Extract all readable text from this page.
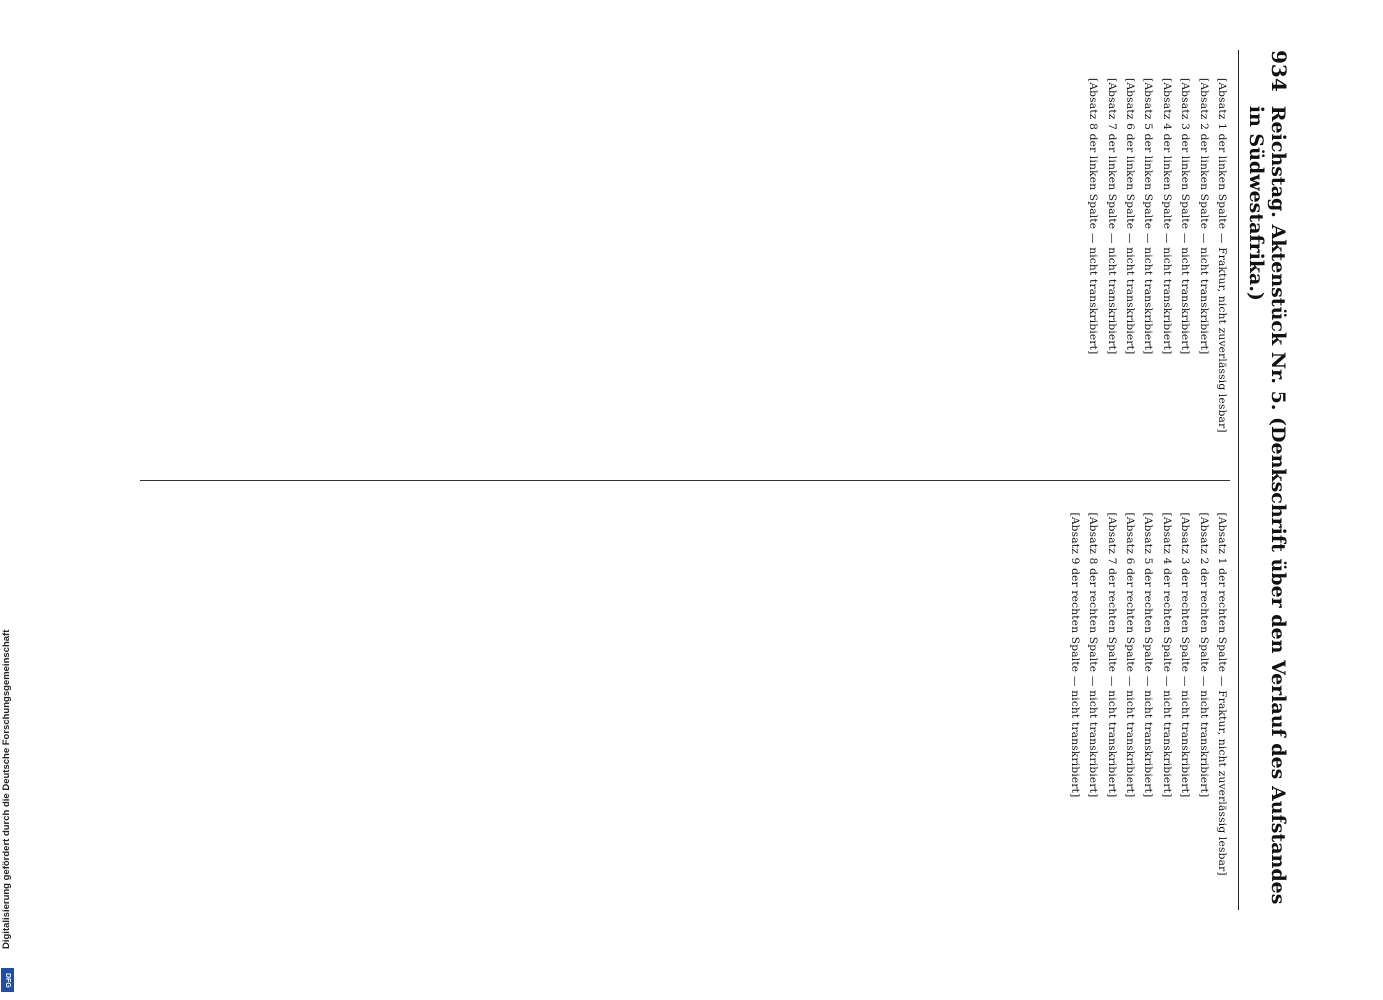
Digitalisierung gefördert durch die Deutsche Forschungsgemeinschaft
DFG
934
Reichstag. Aktenstück Nr. 5. (Denkschrift über den Verlauf des Aufstandes in Südwestafrika.)

[Absatz 1 der linken Spalte — Fraktur, nicht zuverlässig lesbar]

[Absatz 2 der linken Spalte — nicht transkribiert]

[Absatz 3 der linken Spalte — nicht transkribiert]

[Absatz 4 der linken Spalte — nicht transkribiert]

[Absatz 5 der linken Spalte — nicht transkribiert]

[Absatz 6 der linken Spalte — nicht transkribiert]

[Absatz 7 der linken Spalte — nicht transkribiert]

[Absatz 8 der linken Spalte — nicht transkribiert]

[Absatz 1 der rechten Spalte — Fraktur, nicht zuverlässig lesbar]

[Absatz 2 der rechten Spalte — nicht transkribiert]

[Absatz 3 der rechten Spalte — nicht transkribiert]

[Absatz 4 der rechten Spalte — nicht transkribiert]

[Absatz 5 der rechten Spalte — nicht transkribiert]

[Absatz 6 der rechten Spalte — nicht transkribiert]

[Absatz 7 der rechten Spalte — nicht transkribiert]

[Absatz 8 der rechten Spalte — nicht transkribiert]

[Absatz 9 der rechten Spalte — nicht transkribiert]
